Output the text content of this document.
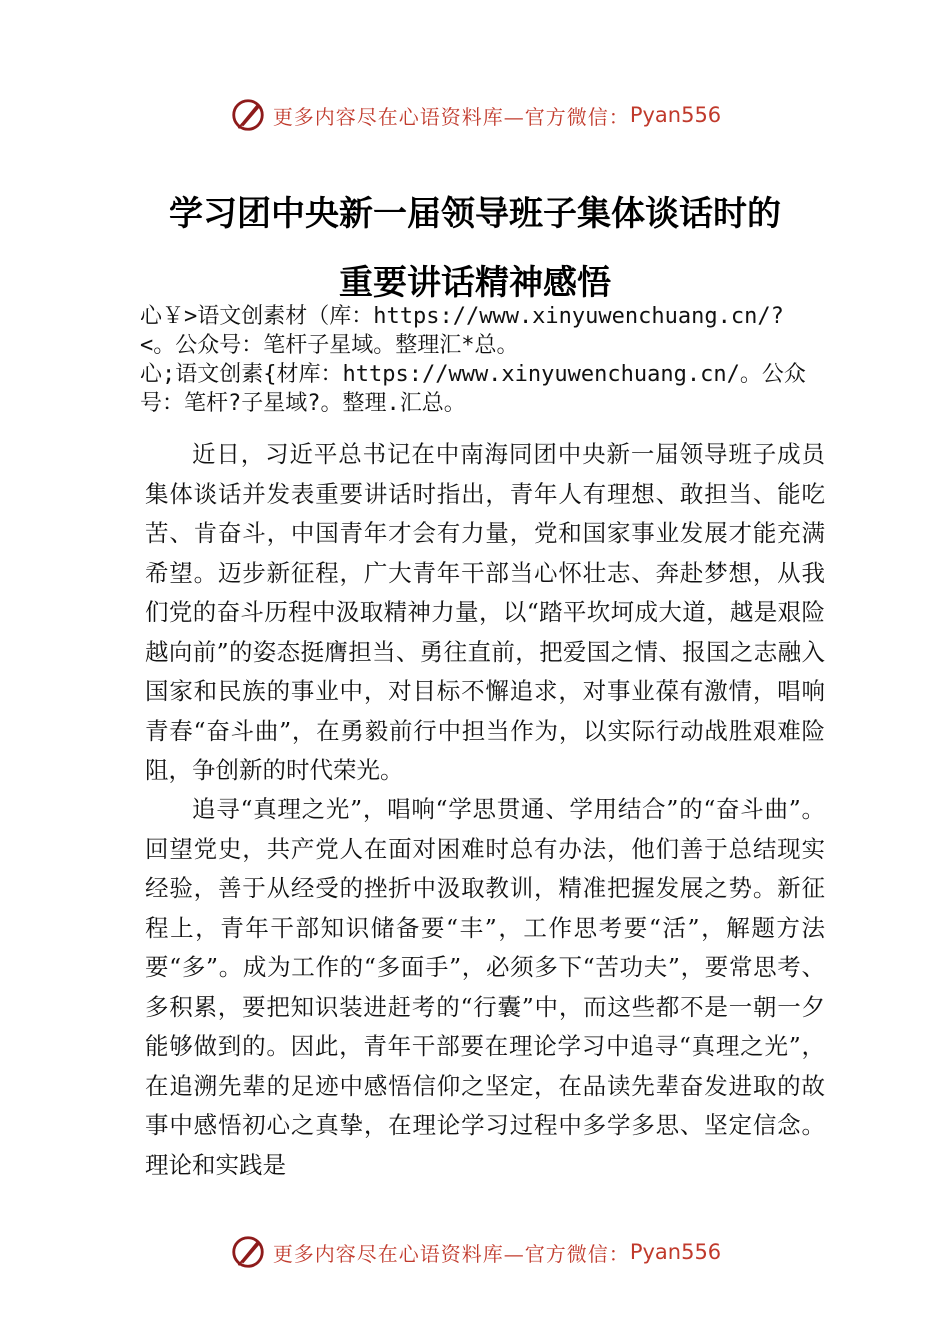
更多内容尽在心语资料库—官方微信： Pyan556
学习团中央新一届领导班子集体谈话时的
重要讲话精神感悟
心￥>语文创素材（库：https://www.xinyuwenchuang.cn/?
<。公众号：笔杆子星域。整理汇*总。
心;语文创素{材库：https://www.xinyuwenchuang.cn/。公众
号：笔杆?子星域?。整理.汇总。

近日，习近平总书记在中南海同团中央新一届领导班子成员集体谈话并发表重要讲话时指出，青年人有理想、敢担当、能吃苦、肯奋斗，中国青年才会有力量，党和国家事业发展才能充满希望。迈步新征程，广大青年干部当心怀壮志、奔赴梦想，从我们党的奋斗历程中汲取精神力量，以“踏平坎坷成大道，越是艰险越向前”的姿态挺膺担当、勇往直前，把爱国之情、报国之志融入国家和民族的事业中，对目标不懈追求，对事业葆有激情，唱响青春“奋斗曲”，在勇毅前行中担当作为，以实际行动战胜艰难险阻，争创新的时代荣光。

追寻“真理之光”，唱响“学思贯通、学用结合”的“奋斗曲”。回望党史，共产党人在面对困难时总有办法，他们善于总结现实经验，善于从经受的挫折中汲取教训，精准把握发展之势。新征程上，青年干部知识储备要“丰”，工作思考要“活”，解题方法要“多”。成为工作的“多面手”，必须多下“苦功夫”，要常思考、多积累，要把知识装进赶考的“行囊”中，而这些都不是一朝一夕能够做到的。因此，青年干部要在理论学习中追寻“真理之光”，在追溯先辈的足迹中感悟信仰之坚定，在品读先辈奋发进取的故事中感悟初心之真挚，在理论学习过程中多学多思、坚定信念。理论和实践是

更多内容尽在心语资料库—官方微信： Pyan556
